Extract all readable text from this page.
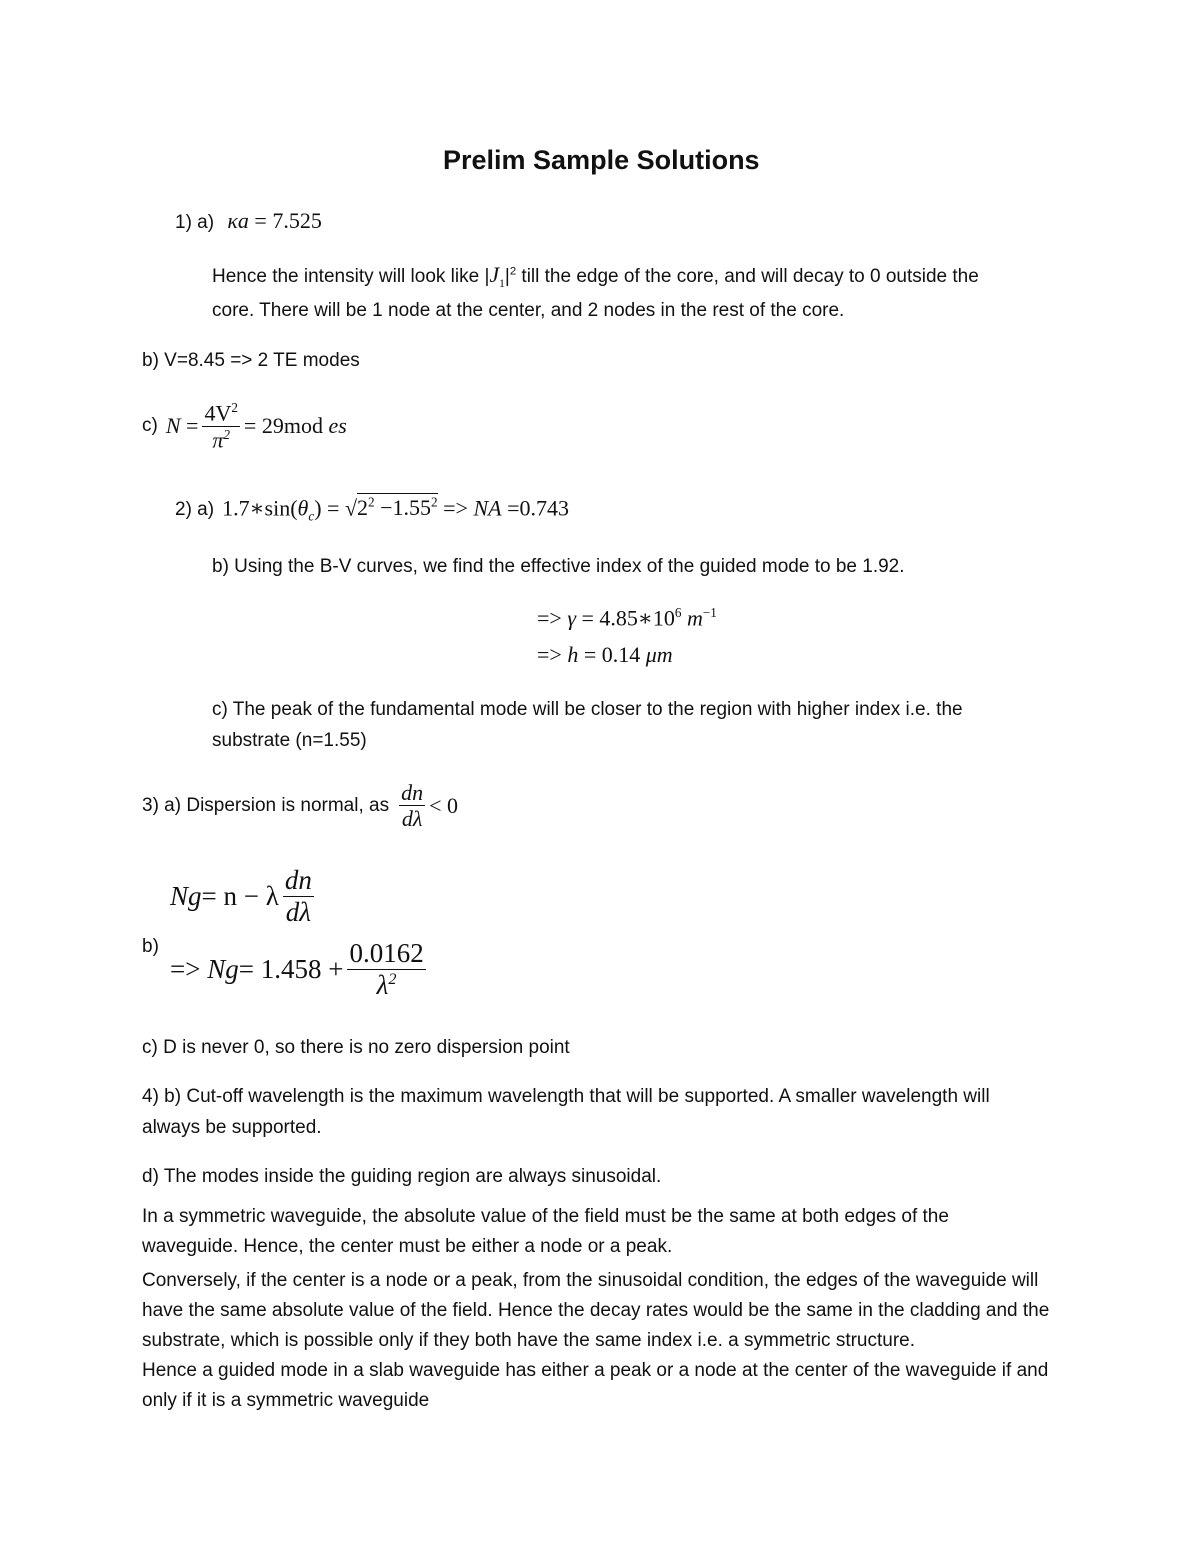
Prelim Sample Solutions
1) a) κa = 7.525
Hence the intensity will look like $|J_1|^2$ till the edge of the core, and will decay to 0 outside the
core. There will be 1 node at the center, and 2 nodes in the rest of the core.
b) V=8.45 => 2 TE modes
c) N
= $\frac{4V^2}{\pi^2} = 29mod$
es
2) a) $1.7∗\sin(\theta_c) = √2^2 -1.55^2$ => NA =0.743
b) Using the B-V curves, we find the effective index of the guided mode to be 1.92.
=> $\gamma = 4.85∗10^6$ $m^{-1}$
=> h = 0.14 μm
c) The peak of the fundamental mode will be closer to the region with higher index i.e. the
substrate (n=1.55)
3) a) Dispersion is normal, as $\frac{dn}{d\lambda} < 0$
Ng = n − λ $\frac{dn}{d\lambda}$
b)
=>
$Ng = 1.458 + \frac{0.0162}{\lambda^2}$
c) D is never 0, so there is no zero dispersion point
4) b) Cut-off wavelength is the maximum wavelength that will be supported. A smaller wavelength will
always be supported.
d) The modes inside the guiding region are always sinusoidal.
In a symmetric waveguide, the absolute value of the field must be the same at both edges of the waveguide. Hence, the center must be either a node or a peak.
Conversely, if the center is a node or a peak, from the sinusoidal condition, the edges of the waveguide will have the same absolute value of the field. Hence the decay rates would be the same in the cladding and the substrate, which is possible only if they both have the same index i.e. a symmetric structure.
Hence a guided mode in a slab waveguide has either a peak or a node at the center of the waveguide if and only if it is a symmetric waveguide
